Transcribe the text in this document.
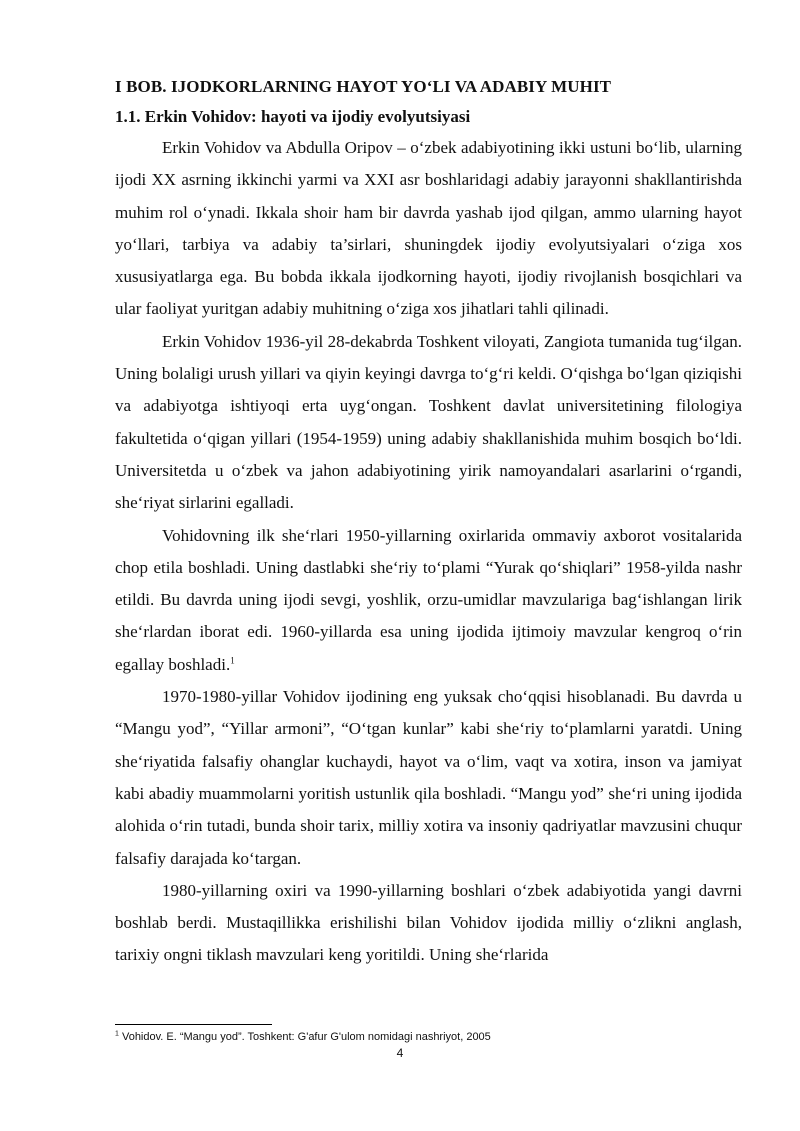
I BOB. IJODKORLARNING HAYOT YO‘LI VA ADABIY MUHIT
1.1. Erkin Vohidov: hayoti va ijodiy evolyutsiyasi

Erkin Vohidov va Abdulla Oripov – o‘zbek adabiyotining ikki ustuni bo‘lib, ularning ijodi XX asrning ikkinchi yarmi va XXI asr boshlaridagi adabiy jarayonni shakllantirishda muhim rol o‘ynadi. Ikkala shoir ham bir davrda yashab ijod qilgan, ammo ularning hayot yo‘llari, tarbiya va adabiy ta’sirlari, shuningdek ijodiy evolyutsiyalari o‘ziga xos xususiyatlarga ega. Bu bobda ikkala ijodkorning hayoti, ijodiy rivojlanish bosqichlari va ular faoliyat yuritgan adabiy muhitning o‘ziga xos jihatlari tahli qilinadi.

Erkin Vohidov 1936-yil 28-dekabrda Toshkent viloyati, Zangiota tumanida tug‘ilgan. Uning bolaligi urush yillari va qiyin keyingi davrga to‘g‘ri keldi. O‘qishga bo‘lgan qiziqishi va adabiyotga ishtiyoqi erta uyg‘ongan. Toshkent davlat universitetining filologiya fakultetida o‘qigan yillari (1954-1959) uning adabiy shakllanishida muhim bosqich bo‘ldi. Universitetda u o‘zbek va jahon adabiyotining yirik namoyandalari asarlarini o‘rgandi, she‘riyat sirlarini egalladi.

Vohidovning ilk she‘rlari 1950-yillarning oxirlarida ommaviy axborot vositalarida chop etila boshladi. Uning dastlabki she‘riy to‘plami “Yurak qo‘shiqlari” 1958-yilda nashr etildi. Bu davrda uning ijodi sevgi, yoshlik, orzu-umidlar mavzulariga bag‘ishlangan lirik she‘rlardan iborat edi. 1960-yillarda esa uning ijodida ijtimoiy mavzular kengroq o‘rin egallay boshladi.$^1$

1970-1980-yillar Vohidov ijodining eng yuksak cho‘qqisi hisoblanadi. Bu davrda u “Mangu yod”, “Yillar armoni”, “O‘tgan kunlar” kabi she‘riy to‘plamlarni yaratdi. Uning she‘riyatida falsafiy ohanglar kuchaydi, hayot va o‘lim, vaqt va xotira, inson va jamiyat kabi abadiy muammolarni yoritish ustunlik qila boshladi. “Mangu yod” she‘ri uning ijodida alohida o‘rin tutadi, bunda shoir tarix, milliy xotira va insoniy qadriyatlar mavzusini chuqur falsafiy darajada ko‘targan.

1980-yillarning oxiri va 1990-yillarning boshlari o‘zbek adabiyotida yangi davrni boshlab berdi. Mustaqillikka erishilishi bilan Vohidov ijodida milliy o‘zlikni anglash, tarixiy ongni tiklash mavzulari keng yoritildi. Uning she‘rlarida

$^1$ Vohidov. E. “Mangu yod”. Toshkent: G'afur G'ulom nomidagi nashriyot, 2005
4
